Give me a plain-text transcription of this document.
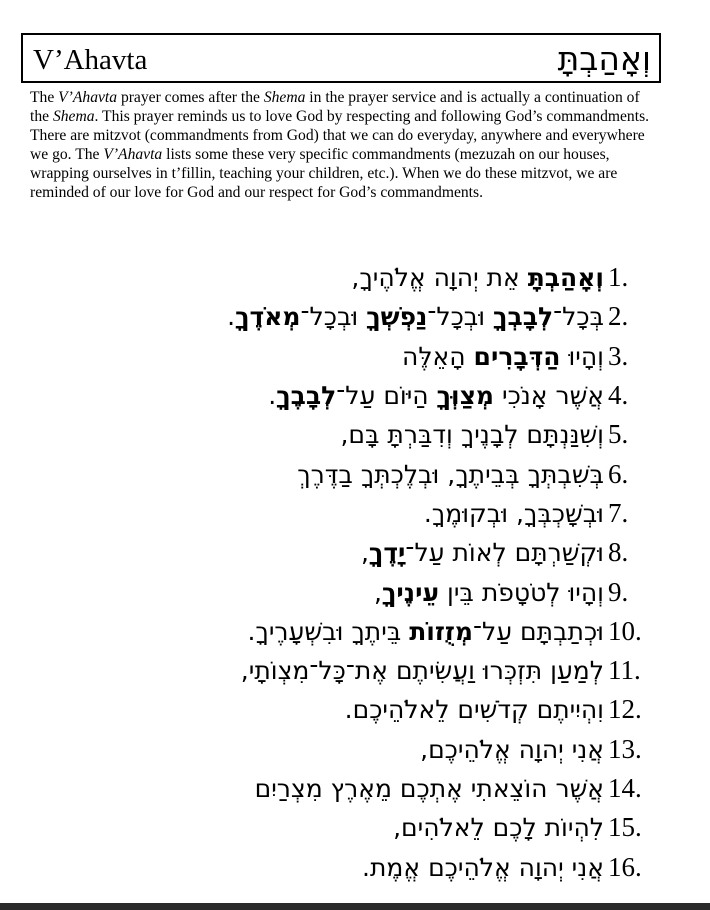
V’Ahavta	וְאָהַבְתָּ

The V’Ahavta prayer comes after the Shema in the prayer service and is actually a continuation of the Shema. This prayer reminds us to love God by respecting and following God’s commandments. There are mitzvot (commandments from God) that we can do everyday, anywhere and everywhere we go. The V’Ahavta lists some these very specific commandments (mezuzah on our houses, wrapping ourselves in t’fillin, teaching your children, etc.). When we do these mitzvot, we are reminded of our love for God and our respect for God’s commandments.

וְאָהַבְתָּ אֵת יְהוָה אֱלֹהֶיךָ,	1.
בְּכָל־לְבָבְךָ וּבְכָל־נַפְשְׁךָ וּבְכָל־מְאֹדֶךָ.	2.
וְהָיוּ הַדְּבָרִים הָאֵלֶּה	3.
אֲשֶׁר אָנֹכִי מְצַוְּךָ הַיּוֹם עַל־לְבָבֶךָ.	4.
וְשִׁנַּנְתָּם לְבָנֶיךָ וְדִבַּרְתָּ בָּם, 5.
בְּשִׁבְתְּךָ בְּבֵיתֶךָ, וּבְלֶכְתְּךָ בַדֶּרֶךְ 6.
וּבְשָׁכְבְּךָ, וּבְקוּמֶךָ. 7.
וּקְשַׁרְתָּם לְאוֹת עַל־יָדֶךָ,	8.
וְהָיוּ לְטֹטָפֹת בֵּין עֵינֶיךָ,	9.
וּכְתַבְתָּם עַל־מְזֻזוֹת בֵּיתֶךָ וּבִשְׁעָרֶיךָ.	10.
לְמַעַן תִּזְכְּרוּ וַעֲשִׂיתֶם אֶת־כָּל־מִצְוֹתָי, 11.
וִהְיִיתֶם קְדֹשִׁים לֵאלֹהֵיכֶם. 12.
אֲנִי יְהוָה אֱלֹהֵיכֶם, 13.
אֲשֶׁר הוֹצֵאתִי אֶתְכֶם מֵאֶרֶץ מִצְרַיִם 14.
לִהְיוֹת לָכֶם לֵאלֹהִים, 15.
אֲנִי יְהוָה אֱלֹהֵיכֶם אֱמֶת. 16.
